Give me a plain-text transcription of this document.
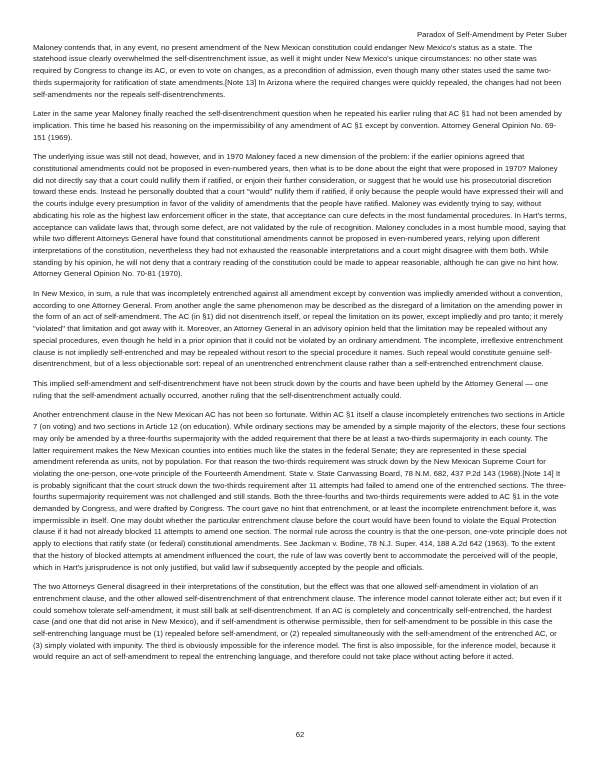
Paradox of Self-Amendment by Peter Suber

Maloney contends that, in any event, no present amendment of the New Mexican constitution could endanger New Mexico's status as a state. The statehood issue clearly overwhelmed the self-disentrenchment issue, as well it might under New Mexico's unique circumstances: no other state was required by Congress to change its AC, or even to vote on changes, as a precondition of admission, even though many other states used the same two-thirds supermajority for ratification of state amendments.[Note 13] In Arizona where the required changes were quickly repealed, the changes had not been self-amendments nor the repeals self-disentrenchments.

Later in the same year Maloney finally reached the self-disentrenchment question when he repeated his earlier ruling that AC §1 had not been amended by implication. This time he based his reasoning on the impermissibility of any amendment of AC §1 except by convention. Attorney General Opinion No. 69-151 (1969).

The underlying issue was still not dead, however, and in 1970 Maloney faced a new dimension of the problem: if the earlier opinions agreed that constitutional amendments could not be proposed in even-numbered years, then what is to be done about the eight that were proposed in 1970? Maloney did not directly say that a court could nullify them if ratified, or enjoin their further consideration, or suggest that he would use his prosecutorial discretion toward these ends. Instead he personally doubted that a court "would" nullify them if ratified, if only because the people would have expressed their will and the courts indulge every presumption in favor of the validity of amendments that the people have ratified. Maloney was evidently trying to say, without abdicating his role as the highest law enforcement officer in the state, that acceptance can cure defects in the most fundamental procedures. In Hart's terms, acceptance can validate laws that, through some defect, are not validated by the rule of recognition. Maloney concludes in a most humble mood, saying that while two different Attorneys General have found that constitutional amendments cannot be proposed in even-numbered years, relying upon different interpretations of the constitution, nevertheless they had not exhausted the reasonable interpretations and a court might disagree with them both. While standing by his opinion, he will not deny that a contrary reading of the constitution could be made to appear reasonable, although he can give no hint how. Attorney General Opinion No. 70-81 (1970).

In New Mexico, in sum, a rule that was incompletely entrenched against all amendment except by convention was impliedly amended without a convention, according to one Attorney General. From another angle the same phenomenon may be described as the disregard of a limitation on the amending power in the form of an act of self-amendment. The AC (in §1) did not disentrench itself, or repeal the limitation on its power, except impliedly and pro tanto; it merely "violated" that limitation and got away with it. Moreover, an Attorney General in an advisory opinion held that the limitation may be repealed without any special procedures, even though he held in a prior opinion that it could not be violated by an ordinary amendment. The incomplete, irreflexive entrenchment clause is not impliedly self-entrenched and may be repealed without resort to the special procedure it names. Such repeal would constitute genuine self-disentrenchment, but of a less objectionable sort: repeal of an unentrenched entrenchment clause rather than a self-entrenched entrenchment clause.

This implied self-amendment and self-disentrenchment have not been struck down by the courts and have been upheld by the Attorney General — one ruling that the self-amendment actually occurred, another ruling that the self-disentrenchment actually could.

Another entrenchment clause in the New Mexican AC has not been so fortunate. Within AC §1 itself a clause incompletely entrenches two sections in Article 7 (on voting) and two sections in Article 12 (on education). While ordinary sections may be amended by a simple majority of the electors, these four sections may only be amended by a three-fourths supermajority with the added requirement that there be at least a two-thirds supermajority in each county. The latter requirement makes the New Mexican counties into entities much like the states in the federal Senate; they are represented in these special amendment referenda as units, not by population. For that reason the two-thirds requirement was struck down by the New Mexican Supreme Court for violating the one-person, one-vote principle of the Fourteenth Amendment. State v. State Canvassing Board, 78 N.M. 682, 437 P.2d 143 (1968).[Note 14] It is probably significant that the court struck down the two-thirds requirement after 11 attempts had failed to amend one of the entrenched sections. The three-fourths supermajority requirement was not challenged and still stands. Both the three-fourths and two-thirds requirements were added to AC §1 in the vote demanded by Congress, and were drafted by Congress. The court gave no hint that entrenchment, or at least the incomplete entrenchment before it, was impermissible in itself. One may doubt whether the particular entrenchment clause before the court would have been found to violate the Equal Protection clause if it had not already blocked 11 attempts to amend one section. The normal rule across the country is that the one-person, one-vote principle does not apply to elections that ratify state (or federal) constitutional amendments. See Jackman v. Bodine, 78 N.J. Super. 414, 188 A.2d 642 (1963). To the extent that the history of blocked attempts at amendment influenced the court, the rule of law was covertly bent to accommodate the perceived will of the people, which in Hart's jurisprudence is not only justified, but valid law if subsequently accepted by the people and officials.

The two Attorneys General disagreed in their interpretations of the constitution, but the effect was that one allowed self-amendment in violation of an entrenchment clause, and the other allowed self-disentrenchment of that entrenchment clause. The inference model cannot tolerate either act; but even if it could somehow tolerate self-amendment, it must still balk at self-disentrenchment. If an AC is completely and concentrically self-entrenched, the hardest case (and one that did not arise in New Mexico), and if self-amendment is otherwise permissible, then for self-amendment to be possible in this case the self-entrenching language must be (1) repealed before self-amendment, or (2) repealed simultaneously with the self-amendment of the entrenched AC, or (3) simply violated with impunity. The third is obviously impossible for the inference model. The first is also impossible, for the inference model, because it would require an act of self-amendment to repeal the entrenching language, and therefore could not take place without acting before it acted.

62
